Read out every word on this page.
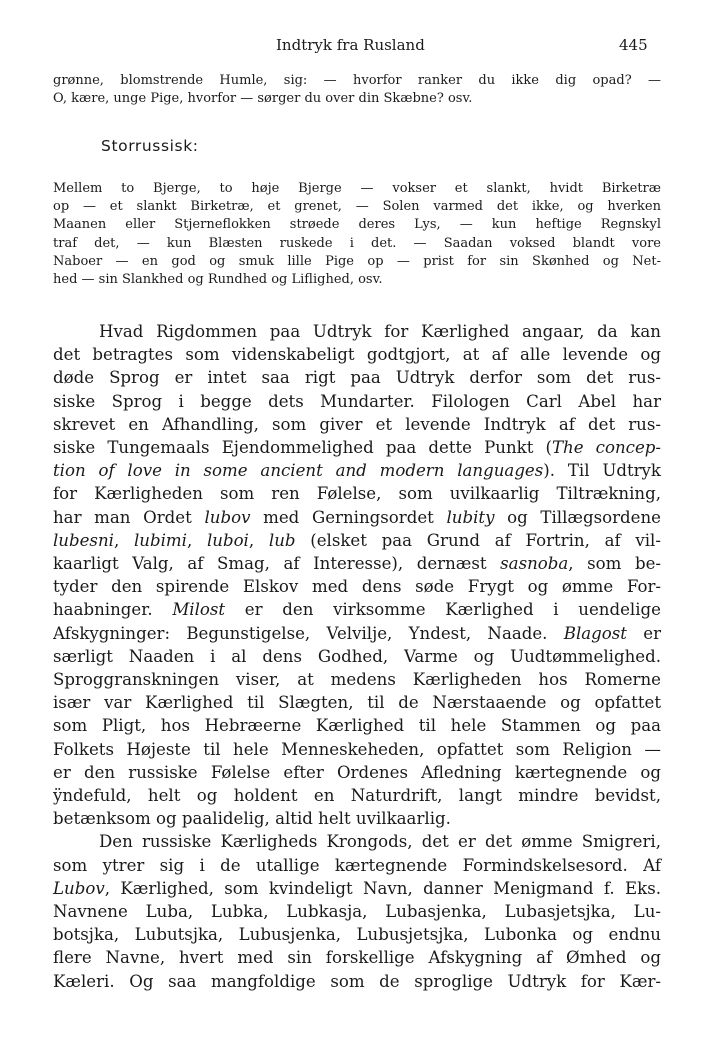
Indtryk fra Rusland	445
grønne, blomstrende Humle, sig: — hvorfor ranker du ikke dig opad? —
O, kære, unge Pige, hvorfor — sørger du over din Skæbne? osv.
Storrussisk:
Mellem to Bjerge, to høje Bjerge — vokser et slankt, hvidt Birketræ
op — et slankt Birketræ, et grenet, — Solen varmed det ikke, og hverken
Maanen eller Stjerneflokken strøede deres Lys, — kun heftige Regnskyl
traf det, — kun Blæsten ruskede i det. — Saadan voksed blandt vore
Naboer — en god og smuk lille Pige op — prist for sin Skønhed og Net-
hed — sin Slankhed og Rundhed og Liflighed, osv.
Hvad Rigdommen paa Udtryk for Kærlighed angaar, da kan
det betragtes som videnskabeligt godtgjort, at af alle levende og
døde Sprog er intet saa rigt paa Udtryk derfor som det rus-
siske Sprog i begge dets Mundarter. Filologen Carl Abel har
skrevet en Afhandling, som giver et levende Indtryk af det rus-
siske Tungemaals Ejendommelighed paa dette Punkt (The concep-
tion of love in some ancient and modern languages). Til Udtryk
for Kærligheden som ren Følelse, som uvilkaarlig Tiltrækning,
har man Ordet lubov med Gerningsordet lubity og Tillægsordene
lubesni, lubimi, luboi, lub (elsket paa Grund af Fortrin, af vil-
kaarligt Valg, af Smag, af Interesse), dernæst sasnoba, som be-
tyder den spirende Elskov med dens søde Frygt og ømme For-
haabninger. Milost er den virksomme Kærlighed i uendelige
Afskygninger: Begunstigelse, Velvilje, Yndest, Naade. Blagost er
særligt Naaden i al dens Godhed, Varme og Uudtømmelighed.
Sproggranskningen viser, at medens Kærligheden hos Romerne
især var Kærlighed til Slægten, til de Nærstaaende og opfattet
som Pligt, hos Hebræerne Kærlighed til hele Stammen og paa
Folkets Højeste til hele Menneskeheden, opfattet som Religion —
er den russiske Følelse efter Ordenes Afledning kærtegnende og
ÿndefuld, helt og holdent en Naturdrift, langt mindre bevidst,
betænksom og paalidelig, altid helt uvilkaarlig.
Den russiske Kærligheds Krongods, det er det ømme Smigreri,
som ytrer sig i de utallige kærtegnende Formindskelsesord. Af
Lubov, Kærlighed, som kvindeligt Navn, danner Menigmand f. Eks.
Navnene Luba, Lubka, Lubkasja, Lubasjenka, Lubasjetsjka, Lu-
botsjka, Lubutsjka, Lubusjenka, Lubusjetsjka, Lubonka og endnu
flere Navne, hvert med sin forskellige Afskygning af Ømhed og
Kæleri. Og saa mangfoldige som de sproglige Udtryk for Kær-
